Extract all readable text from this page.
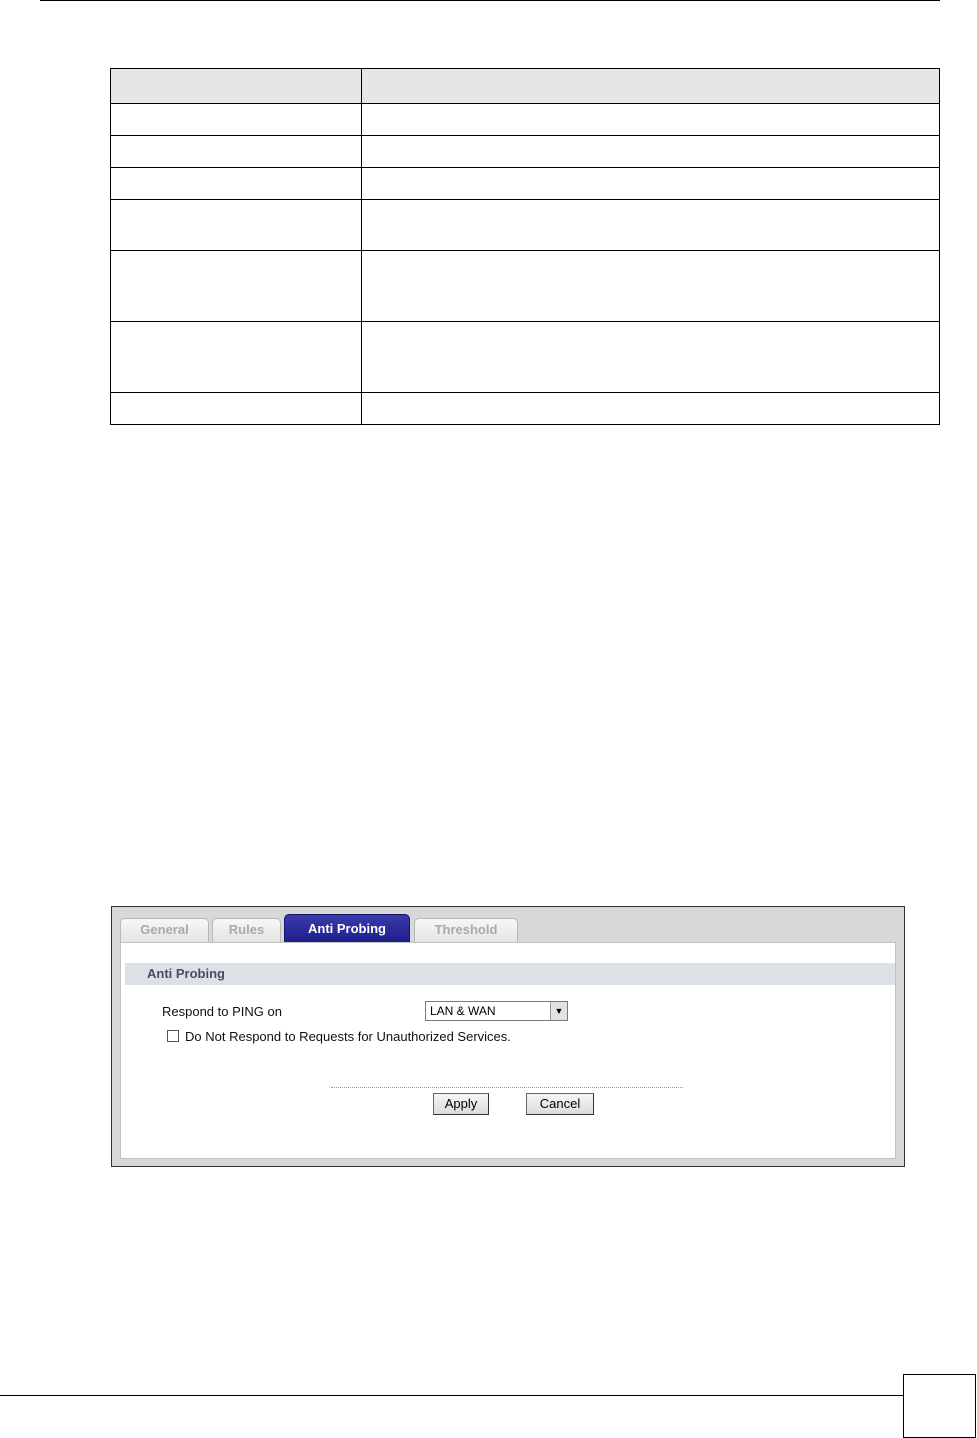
General	Rules	Anti Probing	Threshold
Anti Probing
Respond to PING on	LAN & WAN	▼
Do Not Respond to Requests for Unauthorized Services.
Apply	Cancel
